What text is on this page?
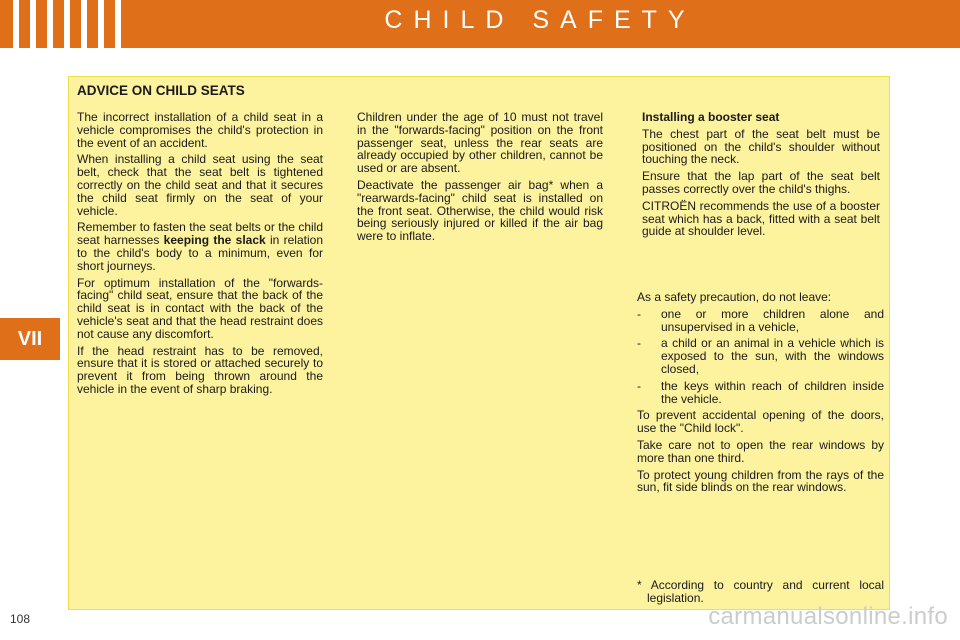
CHILD SAFETY
VII
108
ADVICE ON CHILD SEATS

The incorrect installation of a child seat in a vehicle compromises the child's protection in the event of an accident.

When installing a child seat using the seat belt, check that the seat belt is tightened correctly on the child seat and that it secures the child seat firmly on the seat of your vehicle.

Remember to fasten the seat belts or the child seat harnesses keeping the slack in relation to the child's body to a minimum, even for short journeys.

For optimum installation of the "forwards-facing" child seat, ensure that the back of the child seat is in contact with the back of the vehicle's seat and that the head restraint does not cause any discomfort.

If the head restraint has to be removed, ensure that it is stored or attached securely to prevent it from being thrown around the vehicle in the event of sharp braking.

Children under the age of 10 must not travel in the "forwards-facing" position on the front passenger seat, unless the rear seats are already occupied by other children, cannot be used or are absent.

Deactivate the passenger air bag* when a "rearwards-facing" child seat is installed on the front seat. Otherwise, the child would risk being seriously injured or killed if the air bag were to inflate.

Installing a booster seat

The chest part of the seat belt must be positioned on the child's shoulder without touching the neck.

Ensure that the lap part of the seat belt passes correctly over the child's thighs.

CITROËN recommends the use of a booster seat which has a back, fitted with a seat belt guide at shoulder level.

As a safety precaution, do not leave:

- one or more children alone and unsupervised in a vehicle,
- a child or an animal in a vehicle which is exposed to the sun, with the windows closed,
- the keys within reach of children inside the vehicle.

To prevent accidental opening of the doors, use the "Child lock".

Take care not to open the rear windows by more than one third.

To protect young children from the rays of the sun, fit side blinds on the rear windows.

* According to country and current local legislation.
carmanualsonline.info
